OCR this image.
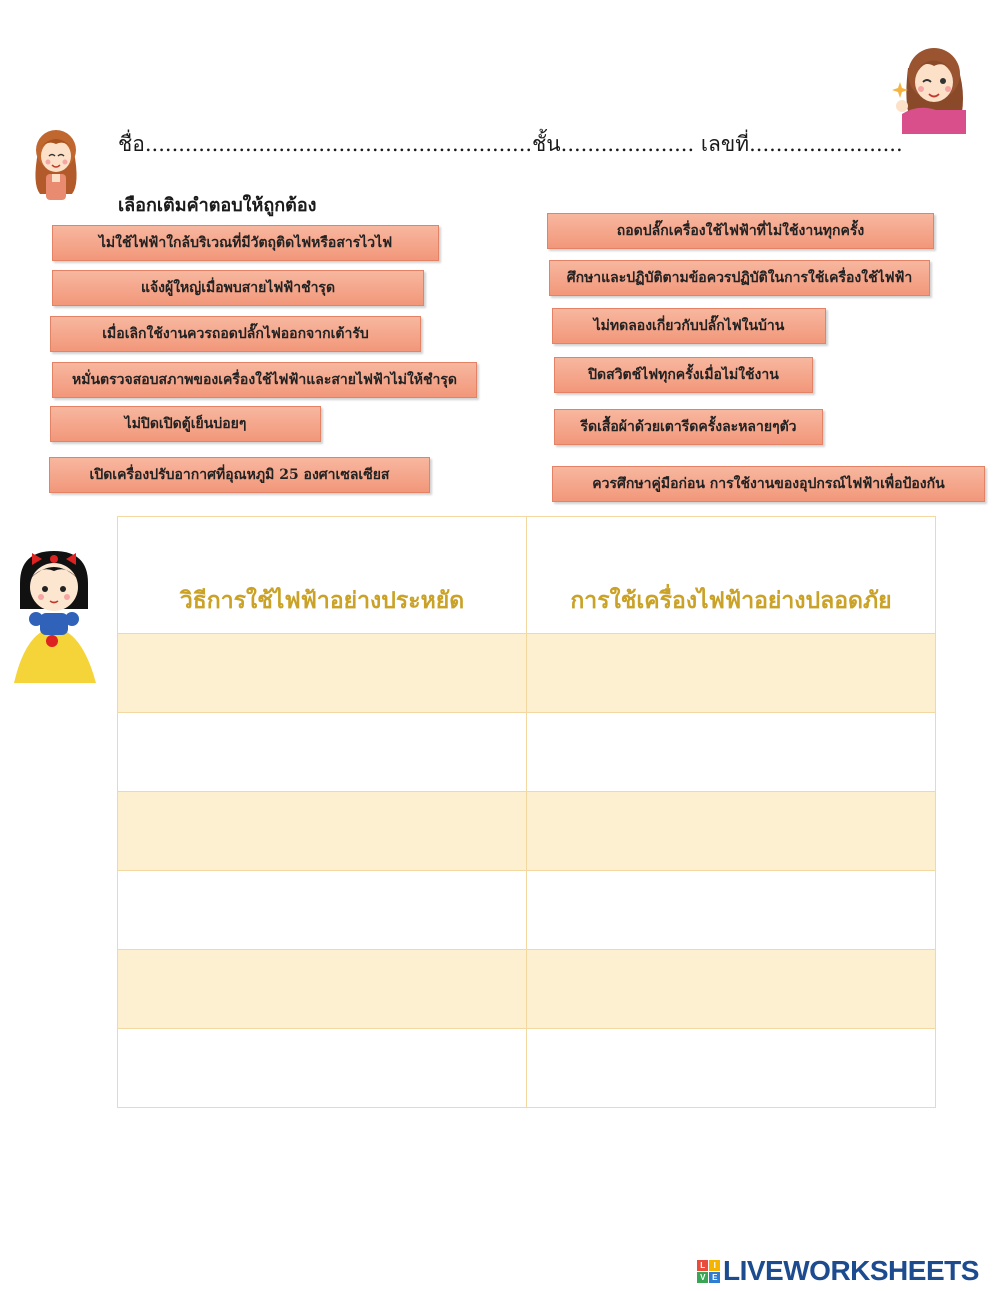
ชื่อ..........................................................ชั้น.................... เลขที่.......................
เลือกเติมคำตอบให้ถูกต้อง
ไม่ใช้ไฟฟ้าใกล้บริเวณที่มีวัตถุติดไฟหรือสารไวไฟ
แจ้งผู้ใหญ่เมื่อพบสายไฟฟ้าชำรุด
เมื่อเลิกใช้งานควรถอดปลั๊กไฟออกจากเต้ารับ
หมั่นตรวจสอบสภาพของเครื่องใช้ไฟฟ้าและสายไฟฟ้าไม่ให้ชำรุด
ไม่ปิดเปิดตู้เย็นบ่อยๆ
เปิดเครื่องปรับอากาศที่อุณหภูมิ 25 องศาเซลเซียส
ถอดปลั๊กเครื่องใช้ไฟฟ้าที่ไม่ใช้งานทุกครั้ง
ศึกษาและปฏิบัติตามข้อควรปฏิบัติในการใช้เครื่องใช้ไฟฟ้า
ไม่ทดลองเกี่ยวกับปลั๊กไฟในบ้าน
ปิดสวิตช์ไฟทุกครั้งเมื่อไม่ใช้งาน
รีดเสื้อผ้าด้วยเตารีดครั้งละหลายๆตัว
ควรศึกษาคู่มือก่อน การใช้งานของอุปกรณ์ไฟฟ้าเพื่อป้องกัน
วิธีการใช้ไฟฟ้าอย่างประหยัด	การใช้เครื่องไฟฟ้าอย่างปลอดภัย

L	I
V E LIVEWORKSHEETS
